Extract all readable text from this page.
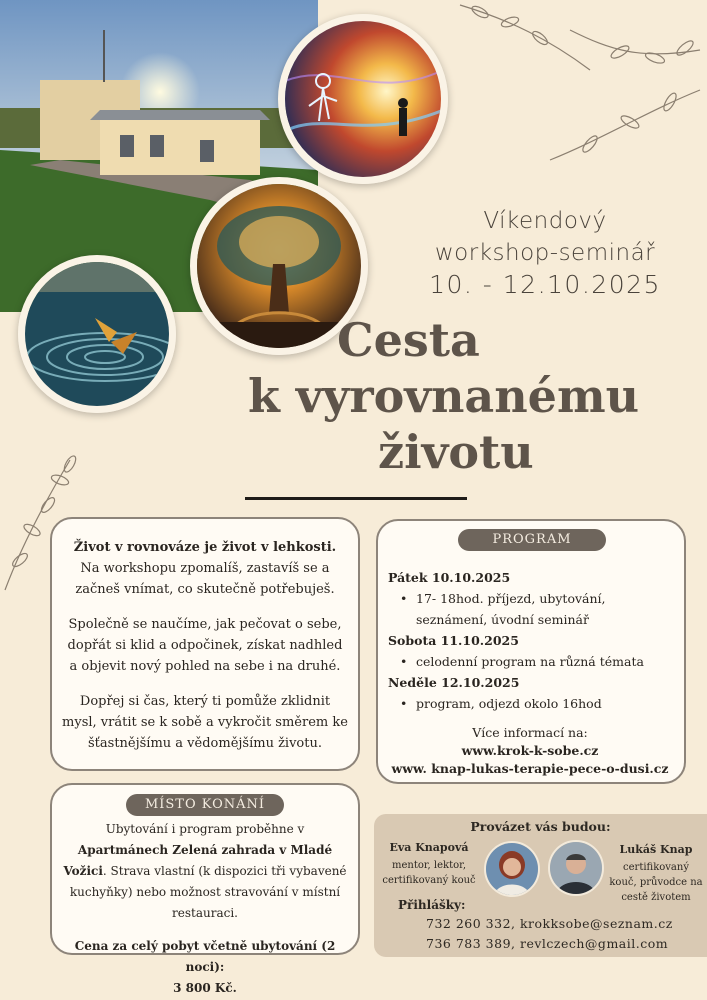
Víkendový
workshop-seminář
10. - 12.10.2025
Cesta
k vyrovnanému
životu

Život v rovnováze je život v lehkosti.

Na workshopu zpomalíš, zastavíš se a začneš vnímat, co skutečně potřebuješ.

Společně se naučíme, jak pečovat o sebe, dopřát si klid a odpočinek, získat nadhled a objevit nový pohled na sebe i na druhé.

Dopřej si čas, který ti pomůže zklidnit mysl, vrátit se k sobě a vykročit směrem ke šťastnějšímu a vědomějšímu životu.

PROGRAM
Pátek 10.10.2025
• 17- 18hod. příjezd, ubytování, seznámení, úvodní seminář
Sobota 11.10.2025
• celodenní program na různá témata
Neděle 12.10.2025
• program, odjezd okolo 16hod
Více informací na:
www.krok-k-sobe.cz
www. knap-lukas-terapie-pece-o-dusi.cz
MÍSTO KONÁNÍ
Ubytování i program proběhne v Apartmánech Zelená zahrada v Mladé Vožici. Strava vlastní (k dispozici tři vybavené kuchyňky) nebo možnost stravování v místní restauraci.
Cena za celý pobyt včetně ubytování (2 noci):
3 800 Kč.
Provázet vás budou:
Eva Knapová
mentor, lektor, certifikovaný kouč
Lukáš Knap
certifikovaný kouč, průvodce na cestě životem
Přihlášky:
732 260 332, krokksobe@seznam.cz
736 783 389, revlczech@gmail.com
